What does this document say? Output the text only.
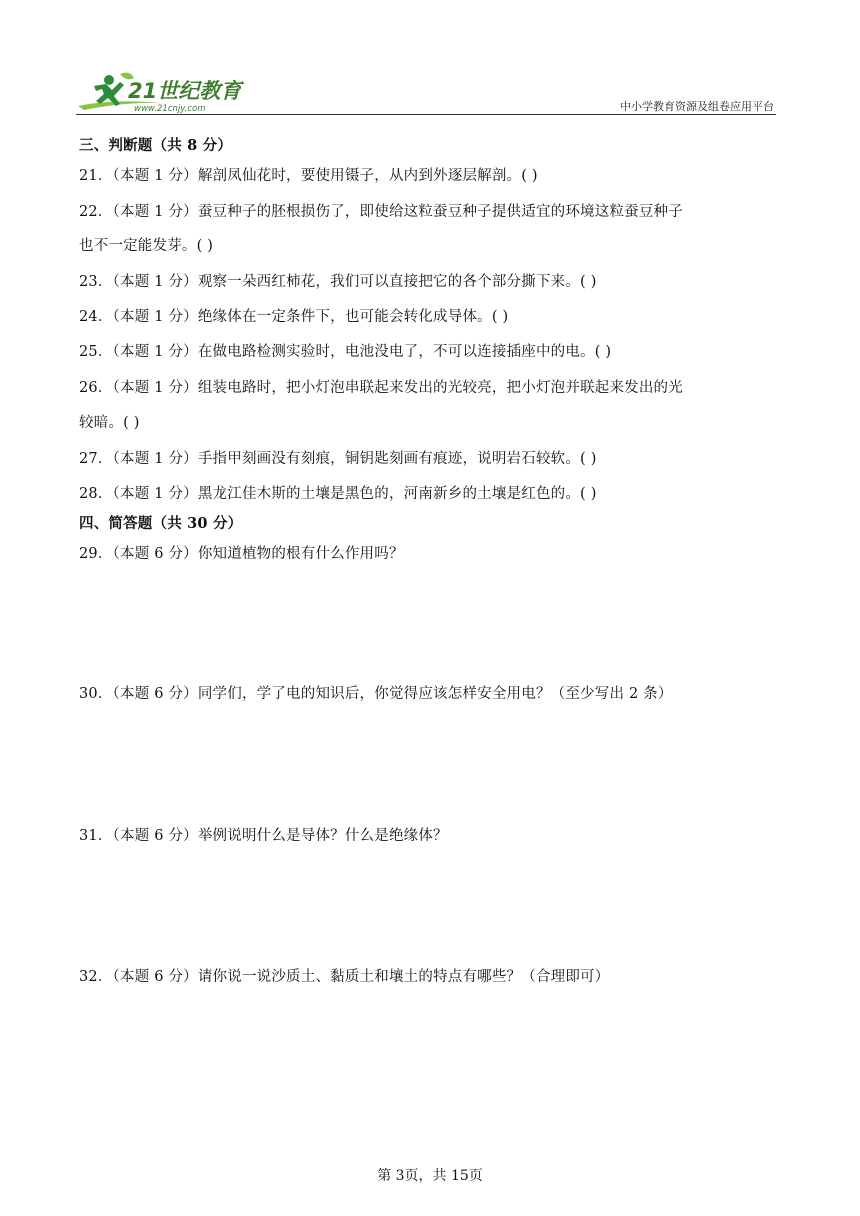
21世纪教育
www.21cnjy.com	中小学教育资源及组卷应用平台
三、判断题（共 8 分）
21．（本题 1 分）解剖凤仙花时，要使用镊子，从内到外逐层解剖。( )
22．（本题 1 分）蚕豆种子的胚根损伤了，即使给这粒蚕豆种子提供适宜的环境这粒蚕豆种子
也不一定能发芽。( )
23．（本题 1 分）观察一朵西红柿花，我们可以直接把它的各个部分撕下来。( )
24．（本题 1 分）绝缘体在一定条件下，也可能会转化成导体。( )
25．（本题 1 分）在做电路检测实验时，电池没电了，不可以连接插座中的电。( )
26．（本题 1 分）组装电路时，把小灯泡串联起来发出的光较亮，把小灯泡并联起来发出的光
较暗。( )
27．（本题 1 分）手指甲刻画没有刻痕，铜钥匙刻画有痕迹，说明岩石较软。( )
28．（本题 1 分）黑龙江佳木斯的土壤是黑色的，河南新乡的土壤是红色的。( )
四、简答题（共 30 分）
29．（本题 6 分）你知道植物的根有什么作用吗？
30．（本题 6 分）同学们，学了电的知识后，你觉得应该怎样安全用电？（至少写出 2 条）
31．（本题 6 分）举例说明什么是导体？什么是绝缘体？
32．（本题 6 分）请你说一说沙质土、黏质土和壤土的特点有哪些？（合理即可）
第 3页，共 15页
